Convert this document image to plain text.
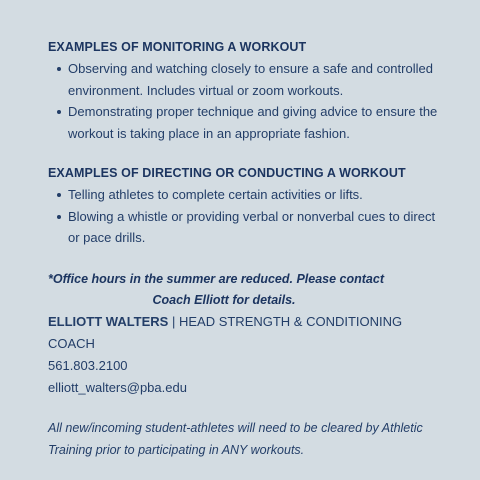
EXAMPLES OF MONITORING A WORKOUT
Observing and watching closely to ensure a safe and controlled environment. Includes virtual or zoom workouts.
Demonstrating proper technique and giving advice to ensure the workout is taking place in an appropriate fashion.
EXAMPLES OF DIRECTING OR CONDUCTING A WORKOUT
Telling athletes to complete certain activities or lifts.
Blowing a whistle or providing verbal or nonverbal cues to direct or pace drills.
*Office hours in the summer are reduced. Please contact
Coach Elliott for details.
ELLIOTT WALTERS | HEAD STRENGTH & CONDITIONING COACH
561.803.2100
elliott_walters@pba.edu
All new/incoming student-athletes will need to be cleared by Athletic Training prior to participating in ANY workouts.
